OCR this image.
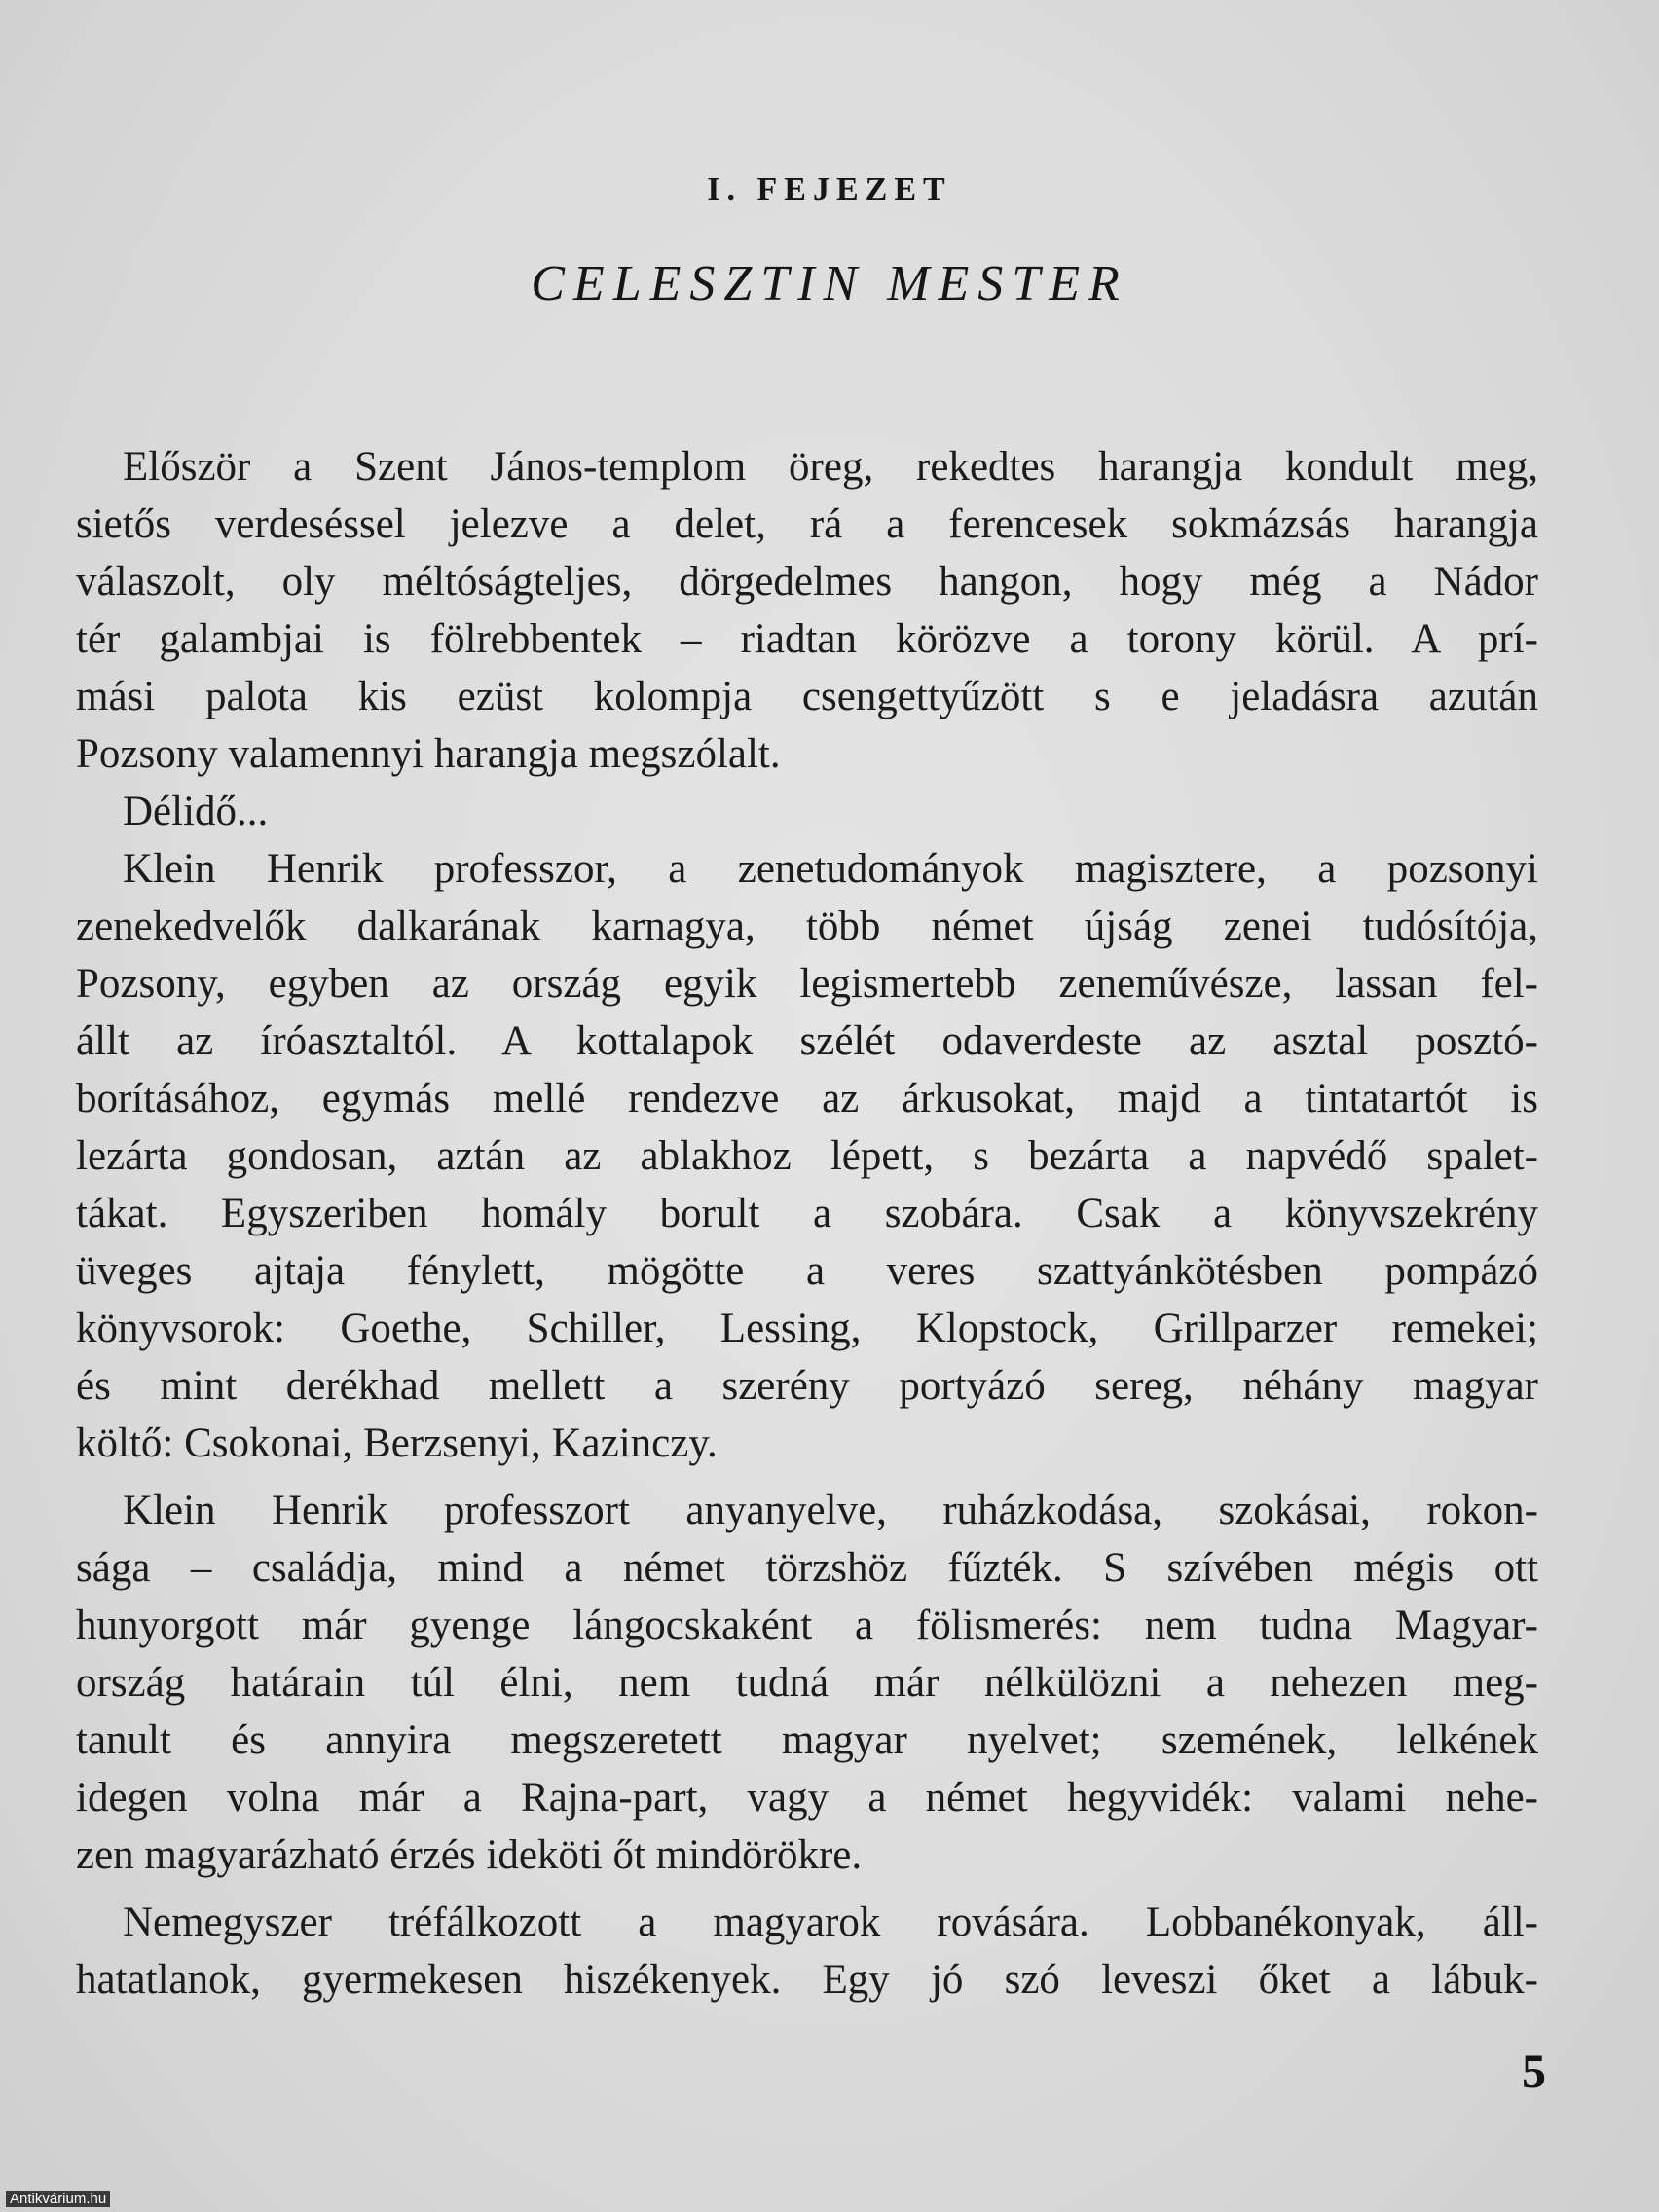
I. FEJEZET
CELESZTIN MESTER
Először a Szent János-templom öreg, rekedtes harangja kondult meg,
sietős verdeséssel jelezve a delet, rá a ferencesek sokmázsás harangja
válaszolt, oly méltóságteljes, dörgedelmes hangon, hogy még a Nádor
tér galambjai is fölrebbentek – riadtan körözve a torony körül. A prí-
mási palota kis ezüst kolompja csengettyűzött s e jeladásra azután
Pozsony valamennyi harangja megszólalt.
Délidő...
Klein Henrik professzor, a zenetudományok magisztere, a pozsonyi
zenekedvelők dalkarának karnagya, több német újság zenei tudósítója,
Pozsony, egyben az ország egyik legismertebb zeneművésze, lassan fel-
állt az íróasztaltól. A kottalapok szélét odaverdeste az asztal posztó-
borításához, egymás mellé rendezve az árkusokat, majd a tintatartót is
lezárta gondosan, aztán az ablakhoz lépett, s bezárta a napvédő spalet-
tákat. Egyszeriben homály borult a szobára. Csak a könyvszekrény
üveges ajtaja fénylett, mögötte a veres szattyánkötésben pompázó
könyvsorok: Goethe, Schiller, Lessing, Klopstock, Grillparzer remekei;
és mint derékhad mellett a szerény portyázó sereg, néhány magyar
költő: Csokonai, Berzsenyi, Kazinczy.
Klein Henrik professzort anyanyelve, ruházkodása, szokásai, rokon-
sága – családja, mind a német törzshöz fűzték. S szívében mégis ott
hunyorgott már gyenge lángocskaként a fölismerés: nem tudna Magyar-
ország határain túl élni, nem tudná már nélkülözni a nehezen meg-
tanult és annyira megszeretett magyar nyelvet; szemének, lelkének
idegen volna már a Rajna-part, vagy a német hegyvidék: valami nehe-
zen magyarázható érzés ideköti őt mindörökre.
Nemegyszer tréfálkozott a magyarok rovására. Lobbanékonyak, áll-
hatatlanok, gyermekesen hiszékenyek. Egy jó szó leveszi őket a lábuk-
5
Antikvárium.hu
